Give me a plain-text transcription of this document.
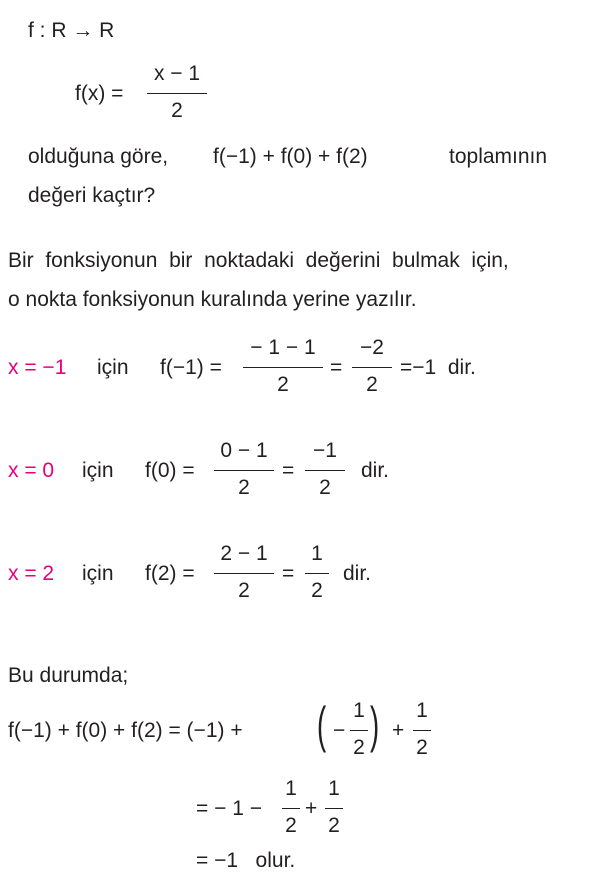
f : R → R
f(x) =
x − 1
2
olduğuna göre, f(−1) + f(0) + f(2)	toplamının
değeri kaçtır?
Bir  fonksiyonun  bir  noktadaki  değerini  bulmak  için,
o nokta fonksiyonun kuralında yerine yazılır.
x = −1 için f(−1) =
− 1 − 1
2
=
−2
2
=−1  dir.
x = 0 için f(0) =
0 − 1
2
=
−1
2
dir.
x = 2 için f(2) =
2 − 1
2
=
1
2
dir.
Bu durumda;
f(−1) + f(0) + f(2) = (−1) + ( −
1
2 ) +
1
2
= − 1 −
1
2
+
1
2
= −1   olur.
